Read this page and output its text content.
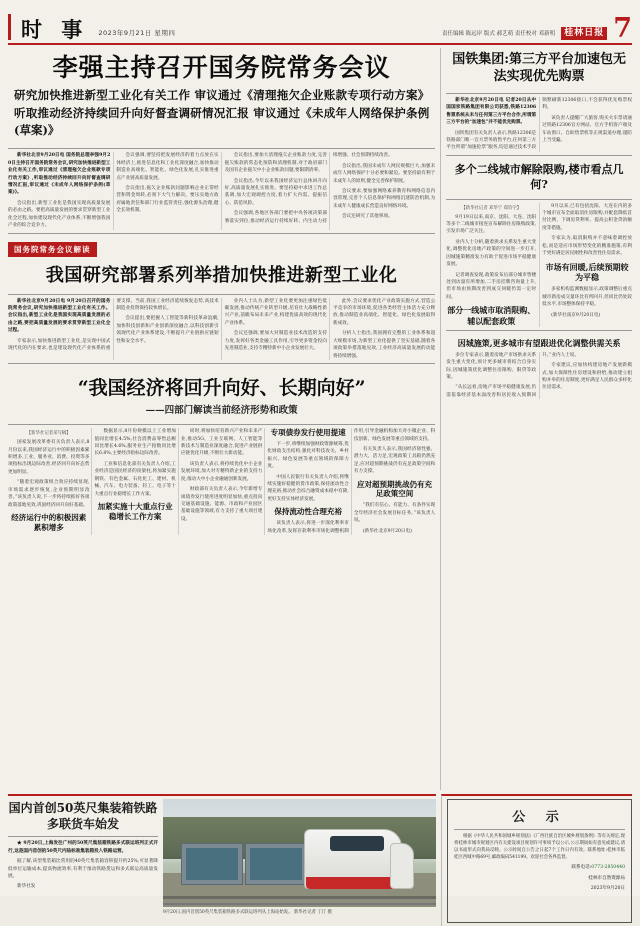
时 事 2023年9月21日 星期四	责任编辑 陈远岸 版式 郝艺萌 责任校对 邓新明 桂林日报 7
李强主持召开国务院常务会议
研究加快推进新型工业化有关工作 审议通过《清理拖欠企业账款专项行动方案》 听取推动经济持续回升向好督查调研情况汇报 审议通过《未成年人网络保护条例(草案)》

新华社北京9月20日电 国务院总理李强9月20日主持召开国务院常务会议,研究加快推进新型工业化有关工作,审议通过《清理拖欠企业账款专项行动方案》,听取推动经济持续回升向好督查调研情况汇报,审议通过《未成年人网络保护条例(草案)》。

会议指出,新型工业化是我国实现高质量发展的必由之路。要把高质量发展的要求贯穿新型工业化全过程,加快建设现代化产业体系,不断增强我国产业的综合竞争力。

会议强调,要坚持把发展经济的着力点放在实体经济上,推进信息化和工业化深度融合,加快推动制造业高端化、智能化、绿色化发展,扎实推进重点产业链高质量发展。

会议指出,拖欠企业账款问题影响企业正常经营和资金周转,必须下大气力解决。要压实地方政府属地责任和部门行业监管责任,强化源头治理,健全长效机制。

会议指出,要加大清理拖欠企业账款力度,完善拖欠账款的常态化预防和清理机制,对于政府部门及国有企业拖欠中小企业账款问题,要限期清零。

会议指出,今年以来我国经济运行总体回升向好,高质量发展扎实推进。要坚持稳中求进工作总基调,加大宏观调控力度,着力扩大内需、提振信心、防范风险。

会议强调,各地区各部门要把中央各项决策部署落实到位,推动经济运行持续好转、内生动力持续增强、社会预期持续改善。

会议指出,我国未成年人网民规模巨大,加强未成年人网络保护十分必要和紧迫。要坚持最有利于未成年人的原则,健全完善保护制度。

会议要求,要加强网络素养教育和网络信息内容管理,完善个人信息保护和网络沉迷防治机制,为未成年人健康成长营造良好网络环境。

会议还研究了其他事项。

国务院常务会议解读
我国研究部署系列举措加快推进新型工业化

新华社北京9月20日电 9月20日召开的国务院常务会议,研究加快推进新型工业化有关工作。会议指出,新型工业化是我国实现高质量发展的必由之路,要把高质量发展的要求贯穿新型工业化全过程。

专家表示,加快推进新型工业化,是实现中国式现代化的内在要求,也是建设现代化产业体系的重要支撑。当前,我国工业经济延续恢复态势,高技术制造业投资保持较快增长。

会议提出,要把握人工智能等新科技革命浪潮,加快科技创新和产业创新深度融合,以科技创新引领现代化产业体系建设,不断提升产业链供应链韧性和安全水平。

业内人士认为,新型工业化要更加注重绿色低碳发展,推动传统产业转型升级,培育壮大战略性新兴产业,前瞻布局未来产业,构建优质高效的现代化产业体系。

会议还强调,要加大对制造业技术改造的支持力度,发挥好各类金融工具作用,引导更多资金投向先进制造业,支持专精特新中小企业发展壮大。

此外,会议要求优化产业政策实施方式,营造公平竞争的市场环境,促进各类经营主体活力充分释放,推动制造业高端化、智能化、绿色化发展取得新成效。

分析人士指出,我国拥有完整的工业体系和超大规模市场,为新型工业化提供了坚实基础,随着各项政策举措落地见效,工业经济高质量发展的动能将持续增强。

“我国经济将回升向好、长期向好”
——四部门解读当前经济形势和政策

【新华社记者采写稿】

国家发展改革委有关负责人表示,8月份以来,我国经济运行中的积极因素累积增多,工业、服务业、消费、投资等多项指标出现边际改善,经济回升向好态势更加明显。

“随着宏观政策组合效应持续显现,市场需求逐步恢复,企业预期明显改善。”该负责人说,下一步将持续抓好各项政策落地见效,巩固经济回升向好基础。

经济运行中的积极因素累积增多

数据显示,8月份规模以上工业增加值同比增长4.5%,社会消费品零售总额同比增长4.6%,服务业生产指数同比增长6.8%,主要经济指标边际改善。

工业和信息化部有关负责人介绍,工业经济是国民经济的顶梁柱,将加紧实施钢铁、有色金属、石化化工、建材、机械、汽车、电力装备、轻工、电子等十大重点行业稳增长工作方案。

加紧实施十大重点行业稳增长工作方案

同时,将加快培育新兴产业和未来产业,推动5G、工业互联网、人工智能等新技术与制造业深度融合,促进产业链供应链优化升级,不断壮大新动能。

该负责人表示,将持续优化中小企业发展环境,加大对专精特新企业的支持力度,推动大中小企业融通创新发展。

财政部有关负责人表示,今年新增专项债券发行使用进度明显加快,重点投向交通基础设施、能源、市政和产业园区基础设施等领域,有力支持了重大项目建设。

专项债券发行使用提速

下一步,将继续加强财政资源统筹,优化财政支出结构,强化对科技攻关、乡村振兴、绿色发展等重点领域的保障力度。

中国人民银行有关负责人介绍,将继续实施好稳健的货币政策,保持流动性合理充裕,推动社会综合融资成本稳中有降,更好支持实体经济发展。

保持流动性合理充裕

该负责人表示,将进一步深化利率市场化改革,发挥存款利率市场化调整机制作用,引导金融机构加大对小微企业、科技创新、绿色发展等重点领域的支持。

有关负责人表示,我国经济韧性强、潜力大、活力足,宏观政策工具箱仍然充足,应对超预期挑战仍有充足政策空间和有力支撑。

应对超预期挑战仍有充足政策空间

“我们有信心、有能力、有条件实现全年经济社会发展目标任务。”该负责人说。

(新华社北京9月20日电)

国铁集团:第三方平台加速包无法实现优先购票

新华社北京9月20日电 记者20日从中国国家铁路集团有限公司获悉,铁路12306售票系统从未与任何第三方平台合作,所谓第三方平台的“加速包”并不能优先购票。

国铁集团有关负责人表示,铁路12306是铁路部门唯一官方票务销售平台,任何第三方平台所谓“加速抢票”服务,均是通过技术手段频繁刷新12306接口,不会获得优先购票权利。

该负责人提醒广大旅客,购买火车票请通过铁路12306官方网站、官方手机客户端及车站窗口、自助售票机等正规渠道办理,谨防上当受骗。

多个二线城市解除限购,楼市看点几何?

【新华社记者 邓华宁 郑钧字】

9月19日以来,南京、沈阳、大连、沈阳等多个二线城市接连宣布解除住房限购政策,引发市场广泛关注。

业内人士分析,随着供求关系发生重大变化,调整优化房地产政策的空间进一步打开,因城施策精准发力有助于促进市场平稳健康发展。

记者调查发现,政策发布后部分城市售楼处到访量有所增加,二手房挂牌咨询量上升,但市场由预期改善到成交回暖仍需一定时间。

部分一线城市取消限购、辅以配套政策

9月以来,已有包括沈阳、大连在内的多个城市宣布全面取消住房限购,并配套降低首付比例、下调房贷利率、提高公积金贷款额度等措施。

专家认为,取消限购并不意味着调控放松,而是适应市场形势变化的精准施策,有利于更好满足居民刚性和改善性住房需求。

市场有回暖,后续预期较为平稳

多家机构监测数据显示,政策调整后重点城市新房成交量环比有所回升,但同比仍处较低水平,市场整体保持平稳。

(新华社南京9月20日电)

因城施策,更多城市有望跟进优化调整供需关系

多位专家表示,随着房地产市场供求关系发生重大变化,预计更多城市将结合自身实际,因城施策优化调整住房限购、限贷等政策。

“从长远看,房地产市场平稳健康发展,仍需依靠经济基本面改善和居民收入预期回升。”业内人士说。

专家建议,应加快构建房地产发展新模式,加大保障性住房建设和供给,推动建立租购并举的住房制度,更好满足人民群众多样化住房需求。

国内首创50英尺集装箱铁路多联货车始发

★ 9月20日,上海发往广州的50英尺集装箱铁路多式联运班列正式开行,这是国内首创的50英尺内陆标准集装箱投入铁路运营。

据了解,该型集装箱比常用的40英尺集装箱容积提升约25%,可显著降低单位运输成本,提高物流效率,有利于推动铁路货运和多式联运高质量发展。

新华社发

9月20日,国内首创50英尺集装箱铁路多式联运班列从上海站始发。 新华社记者 丁汀 摄
公 示
根据《中华人民共和国城乡规划法》《广西壮族自治区城乡规划条例》等有关规定,现将桂林市城市规划区内有关建设项目规划许可事项予以公示,公示期间如有意见或建议,请以书面形式向我局反映。公示时间自公告之日起7个工作日内有效。联系地址:桂林市临桂区西城中路69号,邮政编码541199。欢迎社会各界监督。
联系电话:0773-2850440
桂林市自然资源局
2023年9月20日
